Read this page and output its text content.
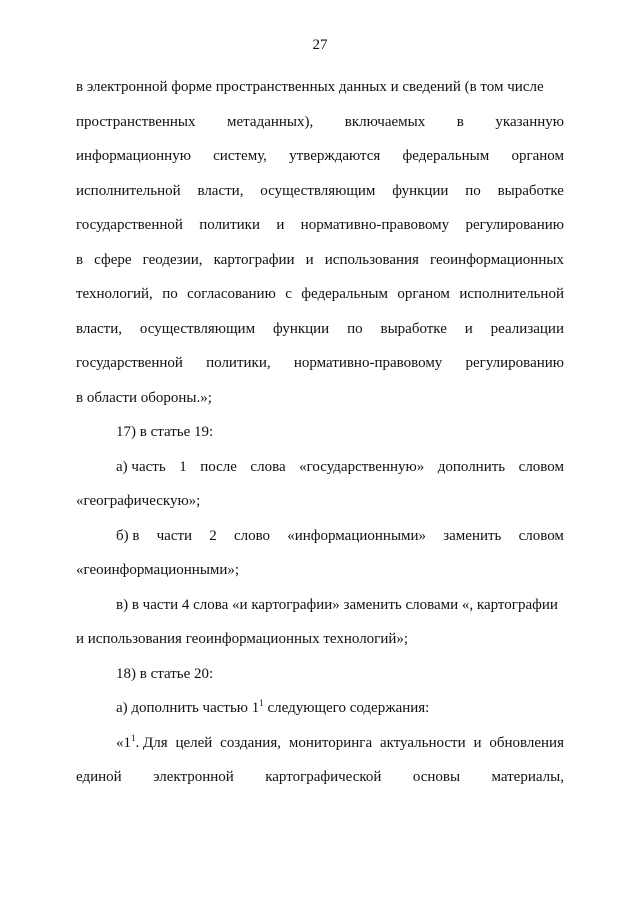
27
в электронной форме пространственных данных и сведений (в том числе
пространственных метаданных), включаемых в указанную
информационную систему, утверждаются федеральным органом
исполнительной власти, осуществляющим функции по выработке
государственной политики и нормативно-правовому регулированию
в сфере геодезии, картографии и использования геоинформационных
технологий, по согласованию с федеральным органом исполнительной
власти, осуществляющим функции по выработке и реализации
государственной политики, нормативно-правовому регулированию
в области обороны.»;
17) в статье 19:
а) часть 1 после слова «государственную» дополнить словом
«географическую»;
б) в части 2 слово «информационными» заменить словом
«геоинформационными»;
в) в части 4 слова «и картографии» заменить словами «, картографии
и использования геоинформационных технологий»;
18) в статье 20:
а) дополнить частью $1^1$ следующего содержания:
«$1^1$. Для целей создания, мониторинга актуальности и обновления
единой электронной картографической основы материалы,
